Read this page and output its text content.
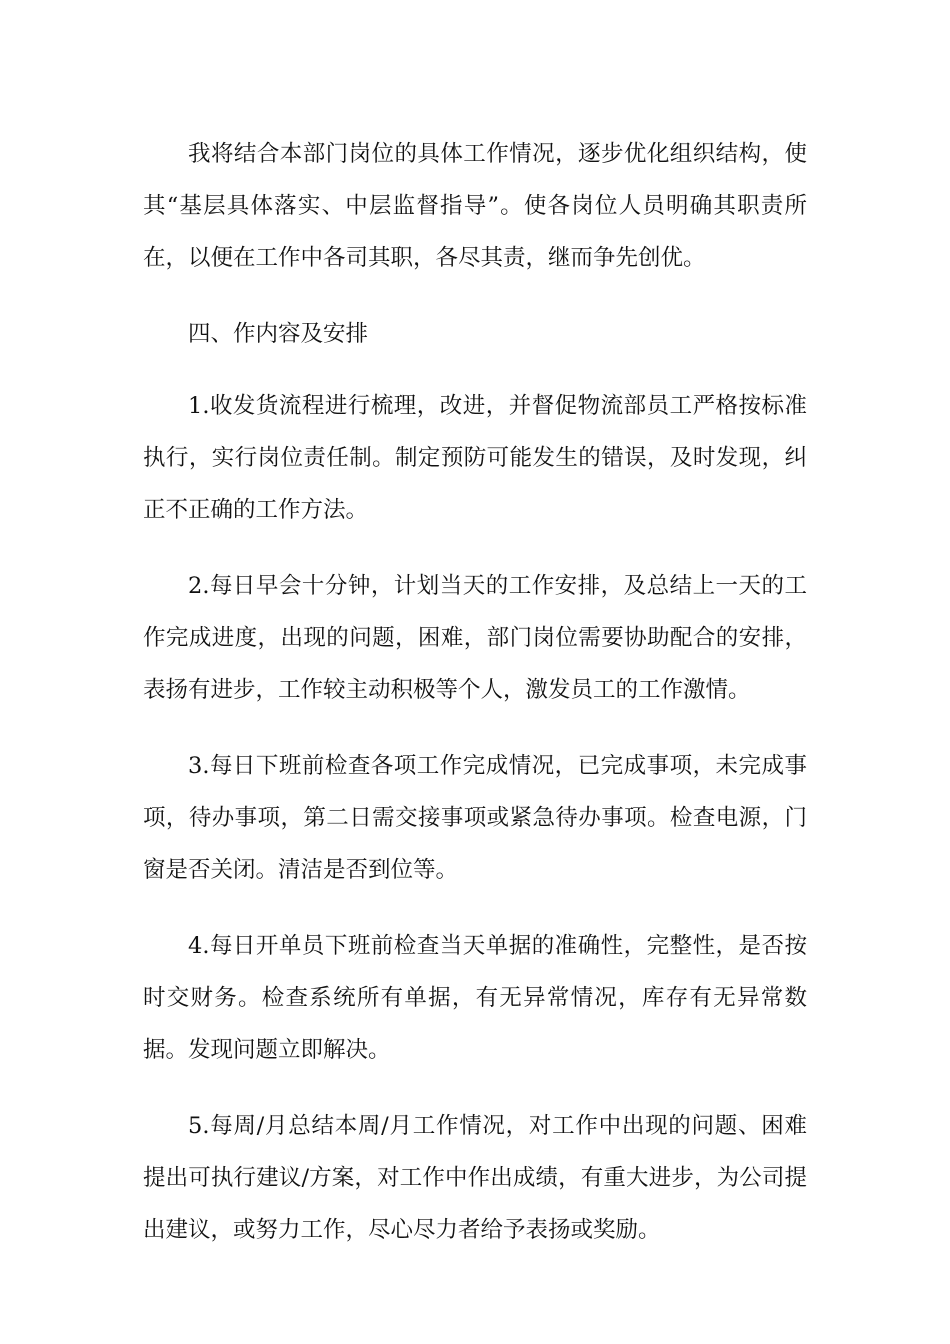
我将结合本部门岗位的具体工作情况，逐步优化组织结构，使其“基层具体落实、中层监督指导”。使各岗位人员明确其职责所在，以便在工作中各司其职，各尽其责，继而争先创优。

四、作内容及安排

1.收发货流程进行梳理，改进，并督促物流部员工严格按标准执行，实行岗位责任制。制定预防可能发生的错误，及时发现，纠正不正确的工作方法。

2.每日早会十分钟，计划当天的工作安排，及总结上一天的工作完成进度，出现的问题，困难，部门岗位需要协助配合的安排，表扬有进步，工作较主动积极等个人，激发员工的工作激情。

3.每日下班前检查各项工作完成情况，已完成事项，未完成事项，待办事项，第二日需交接事项或紧急待办事项。检查电源，门窗是否关闭。清洁是否到位等。

4.每日开单员下班前检查当天单据的准确性，完整性，是否按时交财务。检查系统所有单据，有无异常情况，库存有无异常数据。发现问题立即解决。

5.每周/月总结本周/月工作情况，对工作中出现的问题、困难提出可执行建议/方案，对工作中作出成绩，有重大进步，为公司提出建议，或努力工作，尽心尽力者给予表扬或奖励。
